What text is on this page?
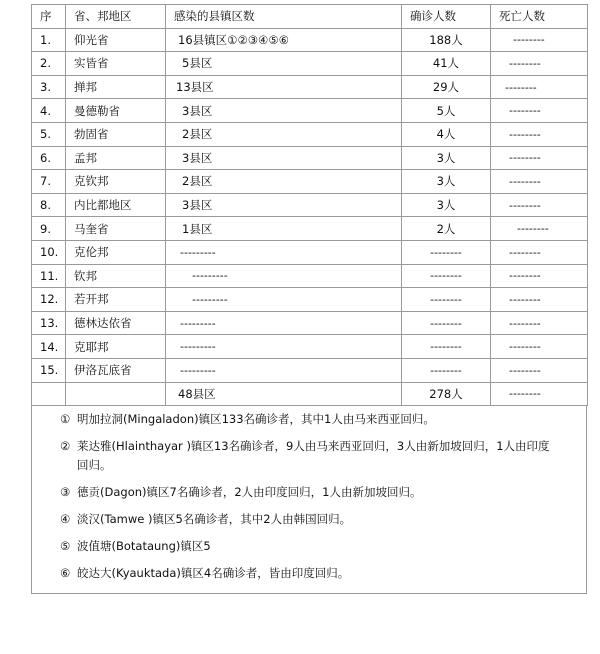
序	省、邦地区	感染的县镇区数	确诊人数	死亡人数
1.	仰光省	16县镇区①②③④⑤⑥	188人	--------
2.	实皆省	5县区	41人	--------
3.	掸邦	13县区	29人	--------
4.	曼德勒省	3县区	5人	--------
5.	勃固省	2县区	4人	--------
6.	孟邦	3县区	3人	--------
7.	克钦邦	2县区	3人	--------
8.	内比都地区	3县区	3人	--------
9.	马奎省	1县区	2人	--------
10.	克伦邦	---------	--------	--------
11.	钦邦	---------	--------	--------
12.	若开邦	---------	--------	--------
13.	德林达依省	---------	--------	--------
14.	克耶邦	---------	--------	--------
15.	伊洛瓦底省	---------	--------	--------
		48县区	278人	--------
① 明加拉洞(Mingaladon)镇区133名确诊者，其中1人由马来西亚回归。
② 莱达雅(Hlainthayar )镇区13名确诊者，9人由马来西亚回归，3人由新加坡回归，1人由印度
回归。
③ 德贡(Dagon)镇区7名确诊者，2人由印度回归，1人由新加坡回归。
④ 淡汉(Tamwe )镇区5名确诊者，其中2人由韩国回归。
⑤ 波值塘(Botataung)镇区5
⑥ 皎达大(Kyauktada)镇区4名确诊者，皆由印度回归。
